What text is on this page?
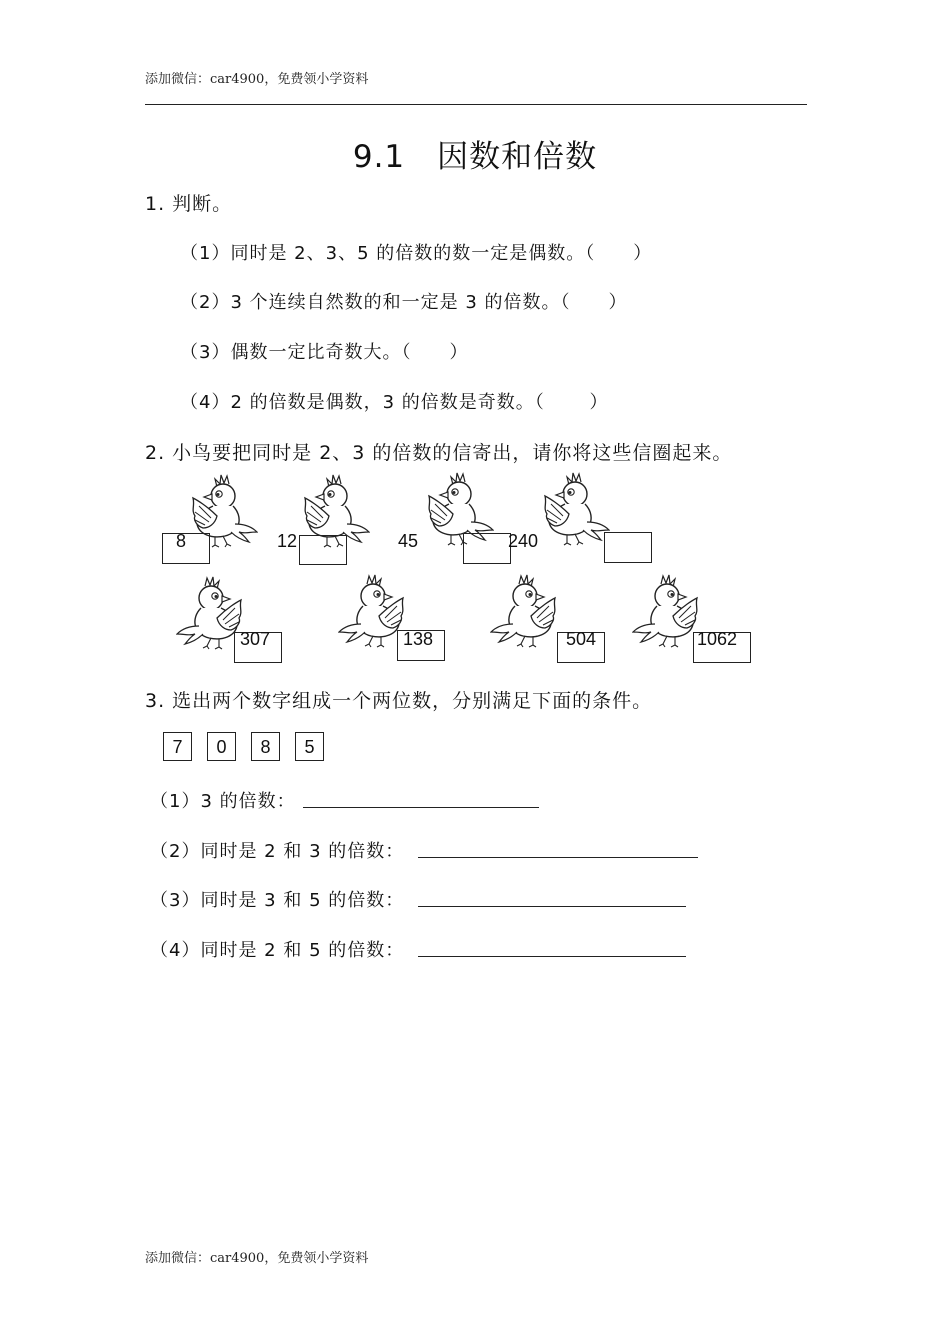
添加微信：car4900，免费领小学资料
9.1　因数和倍数
1. 判断。
（1）同时是 2、3、5 的倍数的数一定是偶数。（　　）
（2）3 个连续自然数的和一定是 3 的倍数。（　　）
（3）偶数一定比奇数大。（　　）
（4）2 的倍数是偶数，3 的倍数是奇数。（　　 ）
2. 小鸟要把同时是 2、3 的倍数的信寄出，请你将这些信圈起来。
8	12	45	240
307	138	504	1062
3. 选出两个数字组成一个两位数，分别满足下面的条件。
7	0	8	5
（1）3 的倍数：
（2）同时是 2 和 3 的倍数：
（3）同时是 3 和 5 的倍数：
（4）同时是 2 和 5 的倍数：
添加微信：car4900，免费领小学资料
